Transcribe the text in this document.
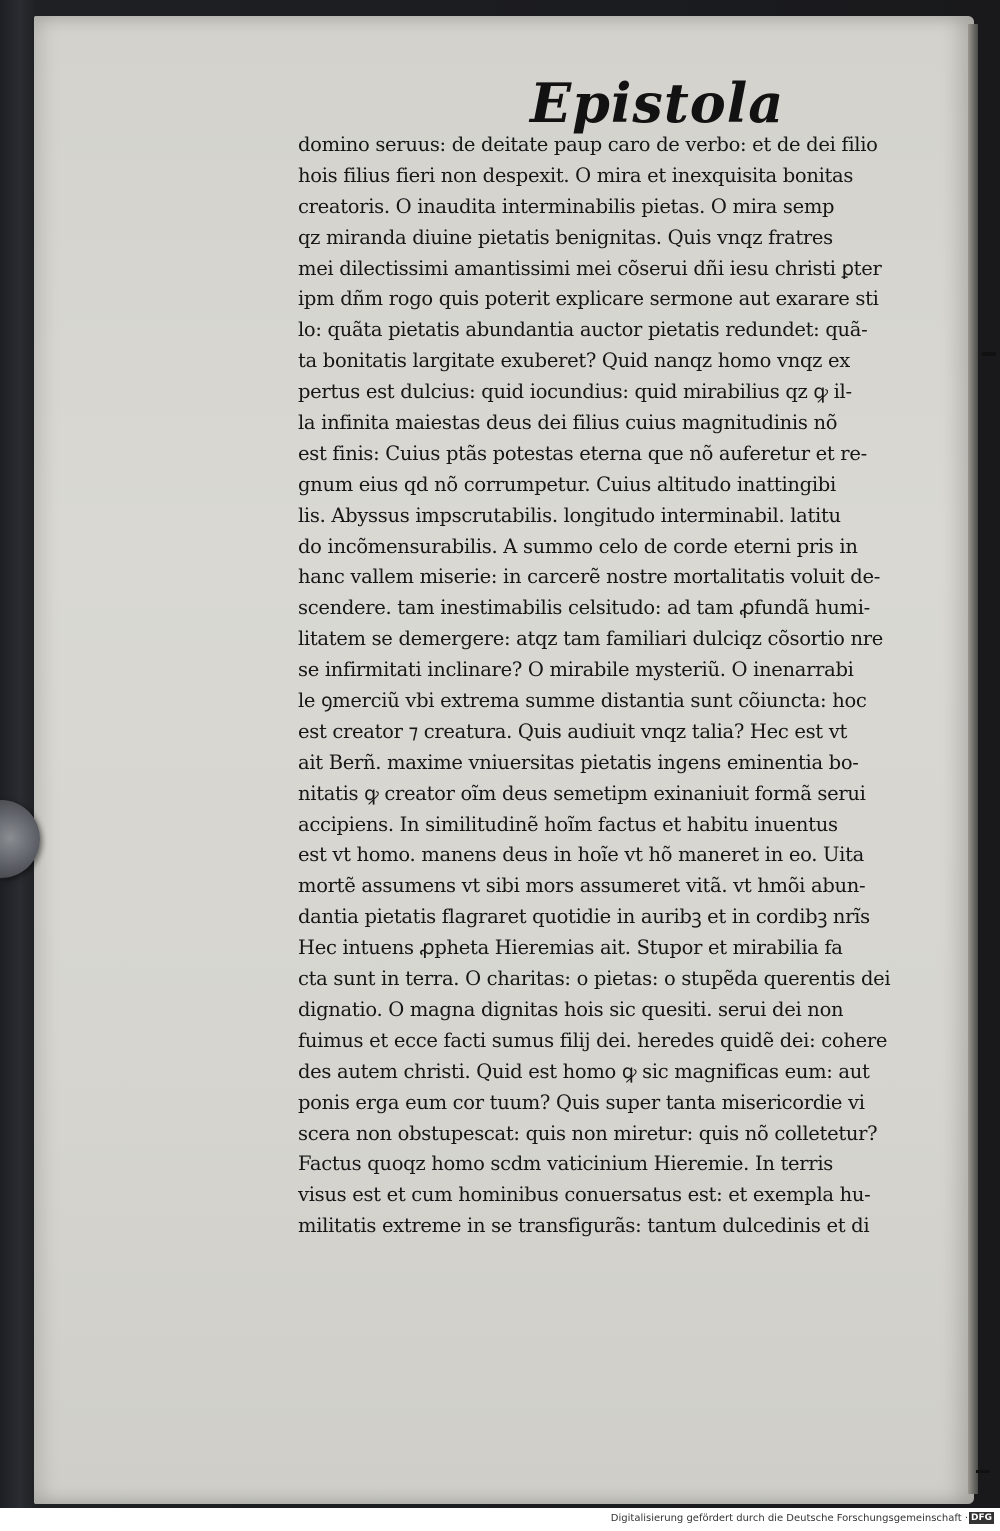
Epistola
domino seruus: de deitate paup caro de verbo: et de dei filio
hois filius fieri non despexit. O mira et inexquisita bonitas
creatoris. O inaudita interminabilis pietas. O mira semp
qz miranda diuine pietatis benignitas. Quis vnqz fratres
mei dilectissimi amantissimi mei cõserui dñi iesu christi ꝑter
ipm dñm rogo quis poterit explicare sermone aut exarare sti
lo: quãta pietatis abundantia auctor pietatis redundet: quã-
ta bonitatis largitate exuberet? Quid nanqz homo vnqz ex
pertus est dulcius: quid iocundius: quid mirabilius qz ꝙ il-
la infinita maiestas deus dei filius cuius magnitudinis nõ
est finis: Cuius ptãs potestas eterna que nõ auferetur et re-
gnum eius qd nõ corrumpetur. Cuius altitudo inattingibi
lis. Abyssus impscrutabilis. longitudo interminabil. latitu
do incõmensurabilis. A summo celo de corde eterni pris in
hanc vallem miserie: in carcerẽ nostre mortalitatis voluit de-
scendere. tam inestimabilis celsitudo: ad tam ꝓfundã humi-
litatem se demergere: atqz tam familiari dulciqz cõsortio nre
se infirmitati inclinare? O mirabile mysteriũ. O inenarrabi
le ꝯmerciũ vbi extrema summe distantia sunt cõiuncta: hoc
est creator ⁊ creatura. Quis audiuit vnqz talia? Hec est vt
ait Berñ. maxime vniuersitas pietatis ingens eminentia bo-
nitatis ꝙ creator oĩm deus semetipm exinaniuit formã serui
accipiens. In similitudinẽ hoĩm factus et habitu inuentus
est vt homo. manens deus in hoĩe vt hõ maneret in eo. Uita
mortẽ assumens vt sibi mors assumeret vitã. vt hmõi abun-
dantia pietatis flagraret quotidie in auribꝫ et in cordibꝫ nrĩs
Hec intuens ꝓpheta Hieremias ait. Stupor et mirabilia fa
cta sunt in terra. O charitas: o pietas: o stupẽda querentis dei
dignatio. O magna dignitas hois sic quesiti. serui dei non
fuimus et ecce facti sumus filij dei. heredes quidẽ dei: cohere
des autem christi. Quid est homo ꝙ sic magnificas eum: aut
ponis erga eum cor tuum? Quis super tanta misericordie vi
scera non obstupescat: quis non miretur: quis nõ colletetur?
Factus quoqz homo scdm vaticinium Hieremie. In terris
visus est et cum hominibus conuersatus est: et exempla hu-
militatis extreme in se transfigurãs: tantum dulcedinis et di
Digitalisierung gefördert durch die Deutsche Forschungsgemeinschaft · DFG
